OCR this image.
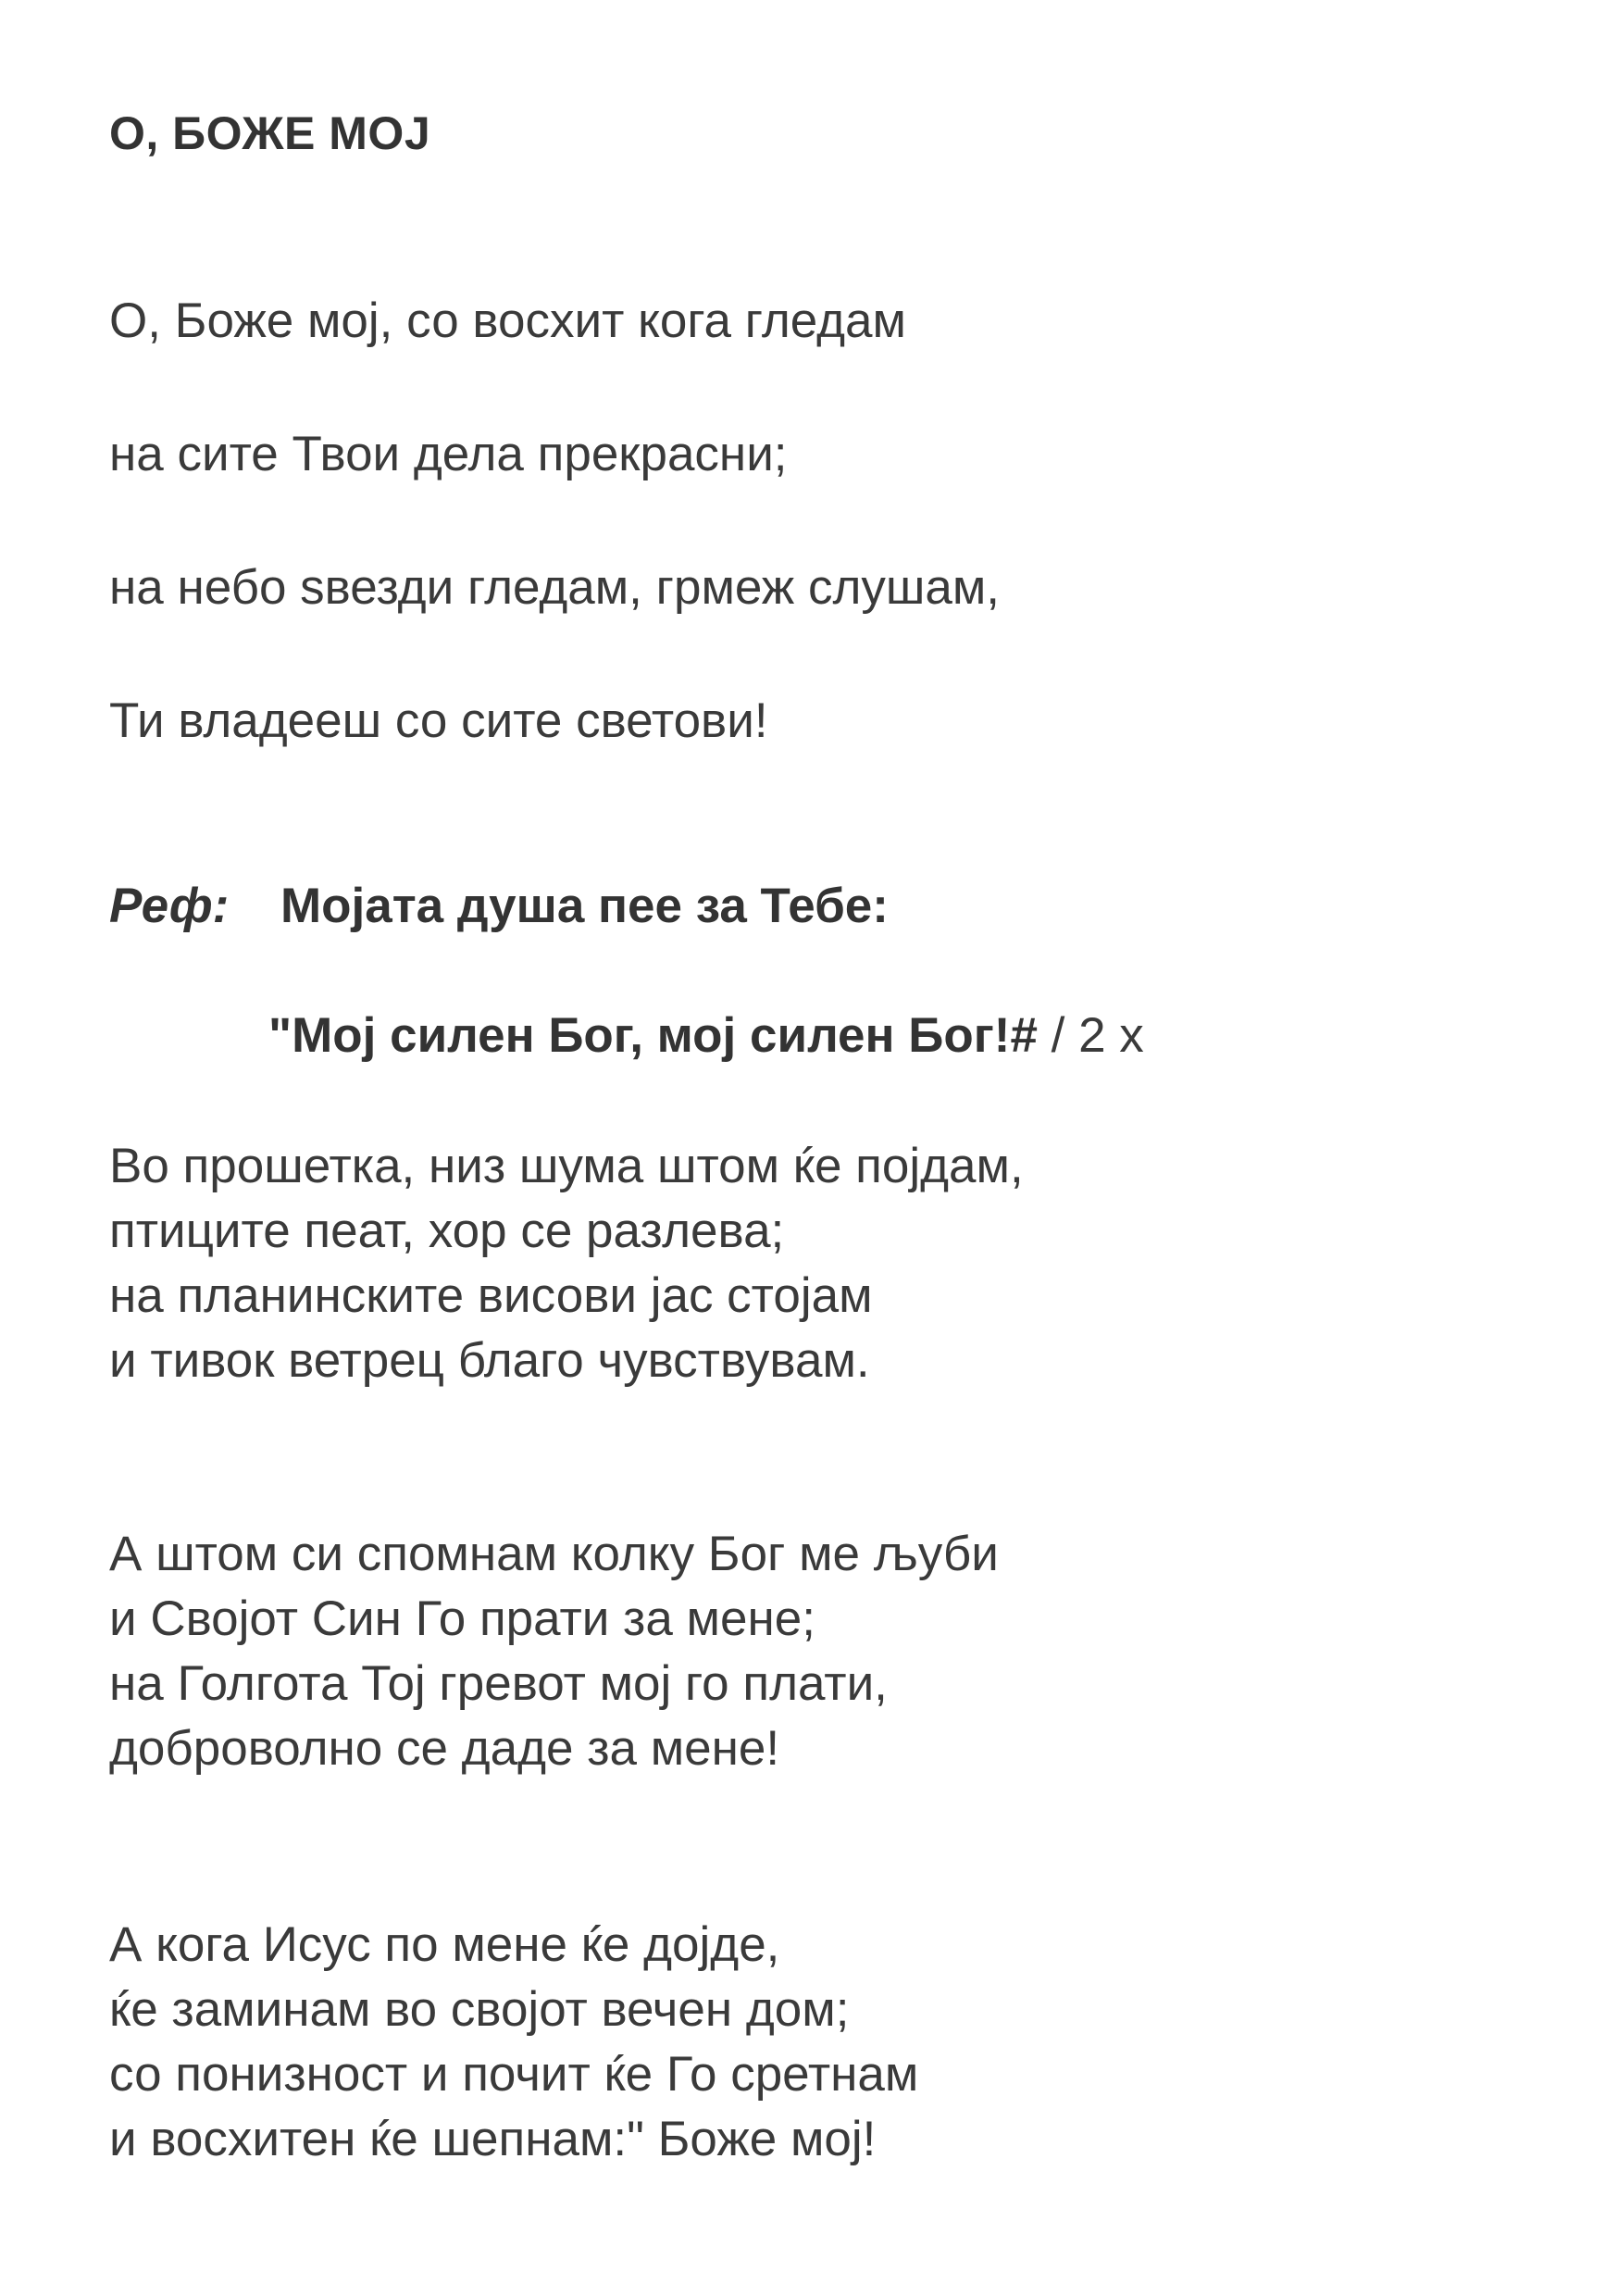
О, БОЖЕ МОЈ
О, Боже мој, со восхит кога гледам
на сите Твои дела прекрасни;
на небо ѕвезди гледам, грмеж слушам,
Ти владееш со сите светови!
Реф: Мојата душа пее за Тебе:
"Мој силен Бог, мој силен Бог!# / 2 х
Во прошетка, низ шума штом ќе појдам,
птиците пеат, хор се разлева;
на планинските висови јас стојам
и тивок ветрец благо чувствувам.
А штом си спомнам колку Бог ме љуби
и Својот Син Го прати за мене;
на Голгота Тој гревот мој го плати,
доброволно се даде за мене!
А кога Исус по мене ќе дојде,
ќе заминам во својот вечен дом;
со понизност и почит ќе Го сретнам
и восхитен ќе шепнам:" Боже мој!
